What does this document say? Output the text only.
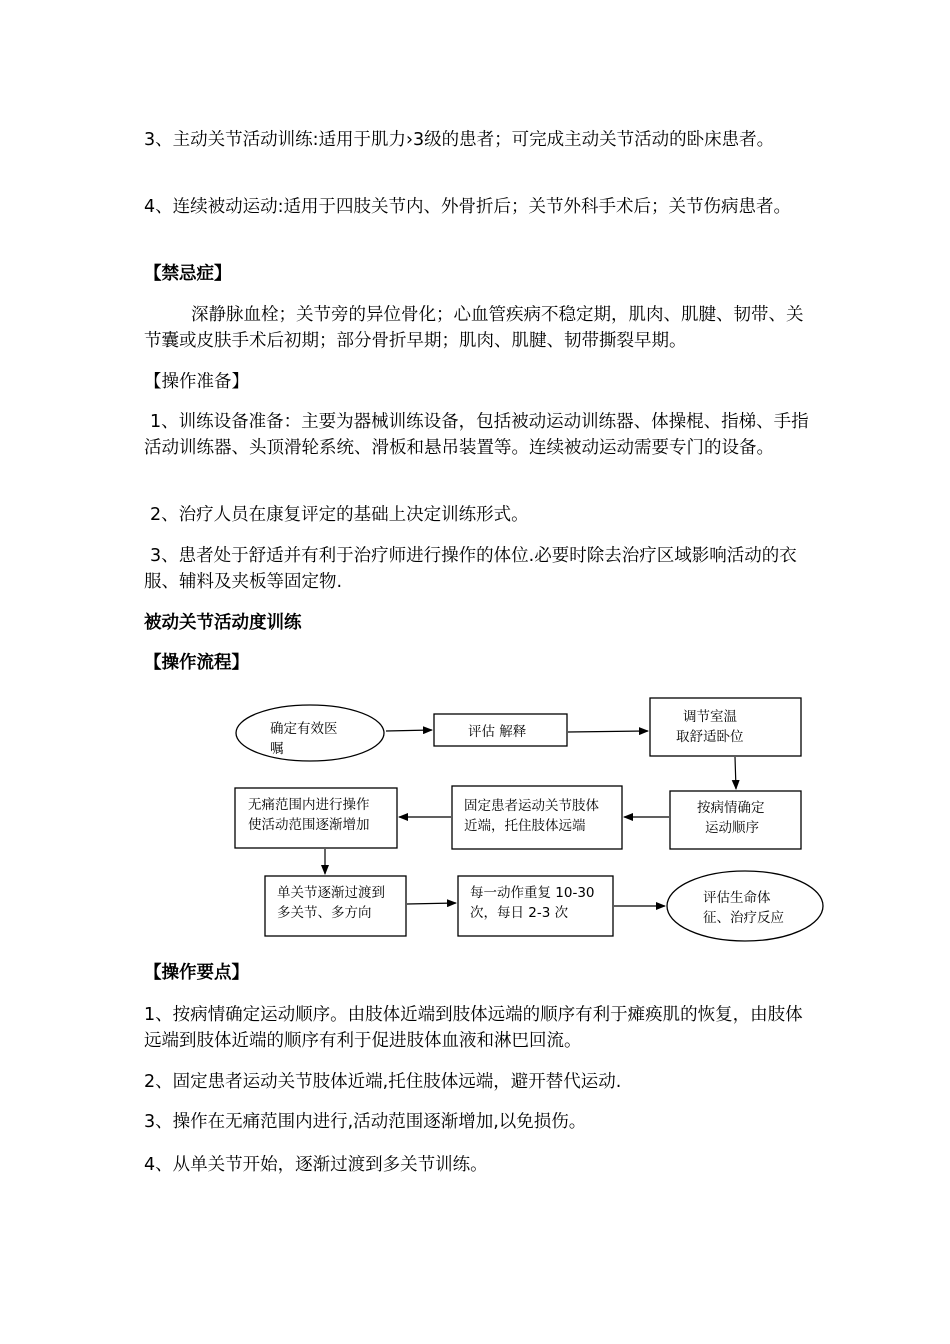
3、主动关节活动训练:适用于肌力›3级的患者；可完成主动关节活动的卧床患者。

4、连续被动运动:适用于四肢关节内、外骨折后；关节外科手术后；关节伤病患者。

【禁忌症】

深静脉血栓；关节旁的异位骨化；心血管疾病不稳定期，肌肉、肌腱、韧带、关节囊或皮肤手术后初期；部分骨折早期；肌肉、肌腱、韧带撕裂早期。

【操作准备】

1、训练设备准备：主要为器械训练设备，包括被动运动训练器、体操棍、指梯、手指活动训练器、头顶滑轮系统、滑板和悬吊装置等。连续被动运动需要专门的设备。

2、治疗人员在康复评定的基础上决定训练形式。

3、患者处于舒适并有利于治疗师进行操作的体位.必要时除去治疗区域影响活动的衣服、辅料及夹板等固定物.

被动关节活动度训练

【操作流程】

确定有效医
嘱
评估 解释
调节室温
取舒适卧位
按病情确定
运动顺序
固定患者运动关节肢体
近端，托住肢体远端
无痛范围内进行操作
使活动范围逐渐增加
单关节逐渐过渡到
多关节、多方向
每一动作重复 10-30
次，每日 2-3 次
评估生命体
征、治疗反应

【操作要点】

1、按病情确定运动顺序。由肢体近端到肢体远端的顺序有利于瘫痪肌的恢复，由肢体远端到肢体近端的顺序有利于促进肢体血液和淋巴回流。

2、固定患者运动关节肢体近端,托住肢体远端，避开替代运动.

3、操作在无痛范围内进行,活动范围逐渐增加,以免损伤。

4、从单关节开始，逐渐过渡到多关节训练。
